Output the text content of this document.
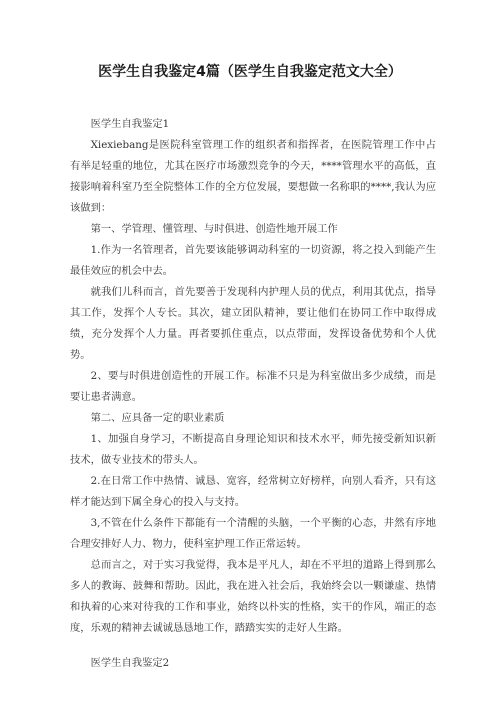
医学生自我鉴定4篇（医学生自我鉴定范文大全）

医学生自我鉴定1

Xiexiebang是医院科室管理工作的组织者和指挥者，在医院管理工作中占有举足轻重的地位，尤其在医疗市场激烈竞争的今天，****管理水平的高低，直接影响着科室乃至全院整体工作的全方位发展，要想做一名称职的****,我认为应该做到：

第一、学管理、懂管理、与时俱进、创造性地开展工作

1.作为一名管理者，首先要该能够调动科室的一切资源，将之投入到能产生最佳效应的机会中去。

就我们儿科而言，首先要善于发现科内护理人员的优点，利用其优点，指导其工作，发挥个人专长。其次，建立团队精神，要让他们在协同工作中取得成绩，充分发挥个人力量。再者要抓住重点，以点带面，发挥设备优势和个人优势。

2、要与时俱进创造性的开展工作。标准不只是为科室做出多少成绩，而是要让患者满意。

第二、应具备一定的职业素质

1、加强自身学习，不断提高自身理论知识和技术水平，师先接受新知识新技术，做专业技术的带头人。

2.在日常工作中热情、诚恳、宽容，经常树立好榜样，向别人看齐，只有这样才能达到下属全身心的投入与支持。

3,不管在什么条件下都能有一个清醒的头脑，一个平衡的心态，井然有序地合理安排好人力、物力，使科室护理工作正常运转。

总而言之，对于实习我觉得，我本是平凡人，却在不平坦的道路上得到那么多人的教诲、鼓舞和帮助。因此，我在进入社会后，我始终会以一颗谦虚、热情和执着的心来对待我的工作和事业，始终以朴实的性格，实干的作风，端正的态度，乐观的精神去诚诚恳恳地工作，踏踏实实的走好人生路。

医学生自我鉴定2
